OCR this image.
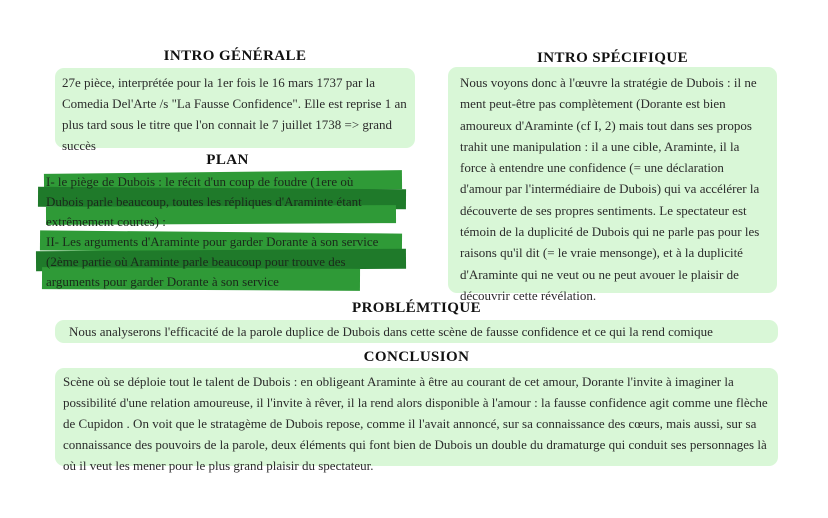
INTRO GÉNÉRALE

27e pièce, interprétée pour la 1er fois le 16 mars 1737 par la Comedia Del'Arte /s "La Fausse Confidence". Elle est reprise 1 an plus tard sous le titre que l'on connait le 7 juillet 1738 => grand succès

PLAN

I- le piège de Dubois : le récit d'un coup de foudre (1ere où Dubois parle beaucoup, toutes les répliques d'Araminte étant extrêmement courtes) :

II- Les arguments d'Araminte pour garder Dorante à son service (2ème partie où Araminte parle beaucoup pour trouve des arguments pour garder Dorante à son service

INTRO SPÉCIFIQUE

Nous voyons donc à l'œuvre la stratégie de Dubois : il ne ment peut-être pas complètement (Dorante est bien amoureux d'Araminte (cf I, 2) mais tout dans ses propos trahit une manipulation : il a une cible, Araminte, il la force à entendre une confidence (= une déclaration d'amour par l'intermédiaire de Dubois) qui va accélérer la découverte de ses propres sentiments. Le spectateur est témoin de la duplicité de Dubois qui ne parle pas pour les raisons qu'il dit (= le vraie mensonge), et à la duplicité d'Araminte qui ne veut ou ne peut avouer le plaisir de découvrir cette révélation.

PROBLÉMTIQUE

Nous analyserons l'efficacité de la parole duplice de Dubois dans cette scène de fausse confidence et ce qui la rend comique

CONCLUSION

Scène où se déploie tout le talent de Dubois : en obligeant Araminte à être au courant de cet amour, Dorante l'invite à imaginer la possibilité d'une relation amoureuse, il l'invite à rêver, il la rend alors disponible à l'amour : la fausse confidence agit comme une flèche de Cupidon . On voit que le stratagème de Dubois repose, comme il l'avait annoncé, sur sa connaissance des cœurs, mais aussi, sur sa connaissance des pouvoirs de la parole, deux éléments qui font bien de Dubois un double du dramaturge qui conduit ses personnages là où il veut les mener pour le plus grand plaisir du spectateur.
